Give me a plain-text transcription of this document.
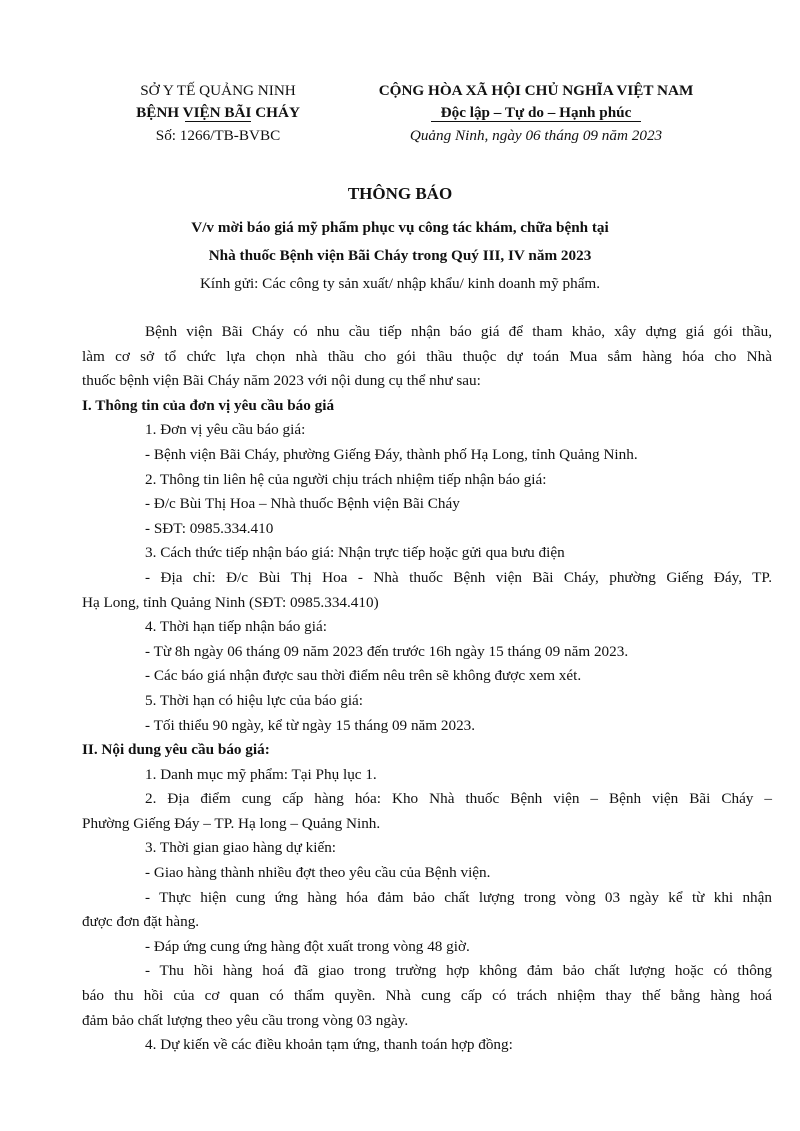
SỞ Y TẾ QUẢNG NINH
BỆNH VIỆN BÃI CHÁY
Số: 1266/TB-BVBC
CỘNG HÒA XÃ HỘI CHỦ NGHĨA VIỆT NAM
Độc lập – Tự do – Hạnh phúc
Quảng Ninh, ngày 06 tháng 09 năm 2023
THÔNG BÁO
V/v mời báo giá mỹ phẩm phục vụ công tác khám, chữa bệnh tại
Nhà thuốc Bệnh viện Bãi Cháy trong Quý III, IV năm 2023
Kính gửi: Các công ty sản xuất/ nhập khẩu/ kinh doanh mỹ phẩm.
Bệnh viện Bãi Cháy có nhu cầu tiếp nhận báo giá để tham khảo, xây dựng giá gói thầu,
làm cơ sở tổ chức lựa chọn nhà thầu cho gói thầu thuộc dự toán Mua sắm hàng hóa cho Nhà
thuốc bệnh viện Bãi Cháy năm 2023 với nội dung cụ thể như sau:
I. Thông tin của đơn vị yêu cầu báo giá
1. Đơn vị yêu cầu báo giá:
- Bệnh viện Bãi Cháy, phường Giếng Đáy, thành phố Hạ Long, tỉnh Quảng Ninh.
2. Thông tin liên hệ của người chịu trách nhiệm tiếp nhận báo giá:
- Đ/c Bùi Thị Hoa – Nhà thuốc Bệnh viện Bãi Cháy
- SĐT: 0985.334.410
3. Cách thức tiếp nhận báo giá: Nhận trực tiếp hoặc gửi qua bưu điện
- Địa chỉ: Đ/c Bùi Thị Hoa - Nhà thuốc Bệnh viện Bãi Cháy, phường Giếng Đáy, TP.
Hạ Long, tỉnh Quảng Ninh (SĐT: 0985.334.410)
4. Thời hạn tiếp nhận báo giá:
- Từ 8h ngày 06 tháng 09 năm 2023 đến trước 16h ngày 15 tháng 09 năm 2023.
- Các báo giá nhận được sau thời điểm nêu trên sẽ không được xem xét.
5. Thời hạn có hiệu lực của báo giá:
- Tối thiểu 90 ngày, kể từ ngày 15 tháng 09 năm 2023.
II. Nội dung yêu cầu báo giá:
1. Danh mục mỹ phẩm: Tại Phụ lục 1.
2. Địa điểm cung cấp hàng hóa: Kho Nhà thuốc Bệnh viện – Bệnh viện Bãi Cháy –
Phường Giếng Đáy – TP. Hạ long – Quảng Ninh.
3. Thời gian giao hàng dự kiến:
- Giao hàng thành nhiều đợt theo yêu cầu của Bệnh viện.
- Thực hiện cung ứng hàng hóa đảm bảo chất lượng trong vòng 03 ngày kể từ khi nhận
được đơn đặt hàng.
- Đáp ứng cung ứng hàng đột xuất trong vòng 48 giờ.
- Thu hồi hàng hoá đã giao trong trường hợp không đảm bảo chất lượng hoặc có thông
báo thu hồi của cơ quan có thẩm quyền. Nhà cung cấp có trách nhiệm thay thế bằng hàng hoá
đảm bảo chất lượng theo yêu cầu trong vòng 03 ngày.
4. Dự kiến về các điều khoản tạm ứng, thanh toán hợp đồng:
